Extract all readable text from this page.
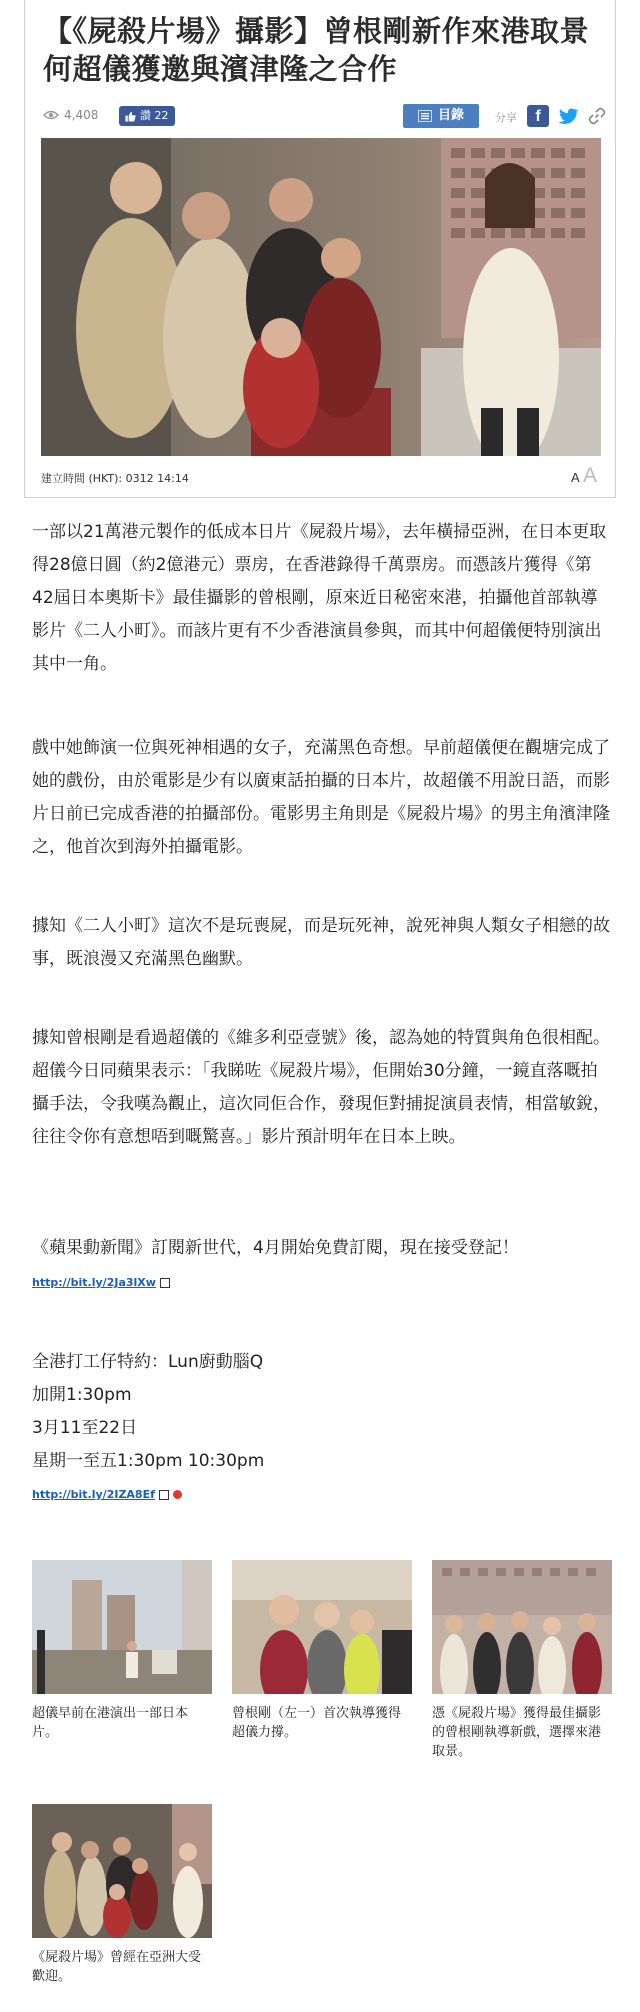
【《屍殺片場》攝影】曾根剛新作來港取景 何超儀獲邀與濱津隆之合作
4,408	讚 22	目錄	分享	f
建立時間 (HKT): 0312 14:14	A A

一部以21萬港元製作的低成本日片《屍殺片場》，去年橫掃亞洲，在日本更取得28億日圓（約2億港元）票房，在香港錄得千萬票房。而憑該片獲得《第42屆日本奧斯卡》最佳攝影的曾根剛，原來近日秘密來港，拍攝他首部執導影片《二人小町》。而該片更有不少香港演員參與，而其中何超儀便特別演出其中一角。

戲中她飾演一位與死神相遇的女子，充滿黑色奇想。早前超儀便在觀塘完成了她的戲份，由於電影是少有以廣東話拍攝的日本片，故超儀不用說日語，而影片日前已完成香港的拍攝部份。電影男主角則是《屍殺片場》的男主角濱津隆之，他首次到海外拍攝電影。

據知《二人小町》這次不是玩喪屍，而是玩死神，說死神與人類女子相戀的故事，既浪漫又充滿黑色幽默。

據知曾根剛是看過超儀的《維多利亞壹號》後，認為她的特質與角色很相配。超儀今日同蘋果表示：「我睇咗《屍殺片場》，佢開始30分鐘，一鏡直落嘅拍攝手法，令我嘆為觀止，這次同佢合作，發現佢對捕捉演員表情，相當敏銳，往往令你有意想唔到嘅驚喜。」影片預計明年在日本上映。

《蘋果動新聞》訂閱新世代，4月開始免費訂閱，現在接受登記！

http://bit.ly/2Ja3lXw
全港打工仔特約：Lun廚動腦Q
加開1:30pm
3月11至22日
星期一至五1:30pm 10:30pm
http://bit.ly/2IZA8Ef
超儀早前在港演出一部日本片。
曾根剛（左一）首次執導獲得超儀力撐。
憑《屍殺片場》獲得最佳攝影的曾根剛執導新戲，選擇來港取景。
《屍殺片場》曾經在亞洲大受歡迎。
